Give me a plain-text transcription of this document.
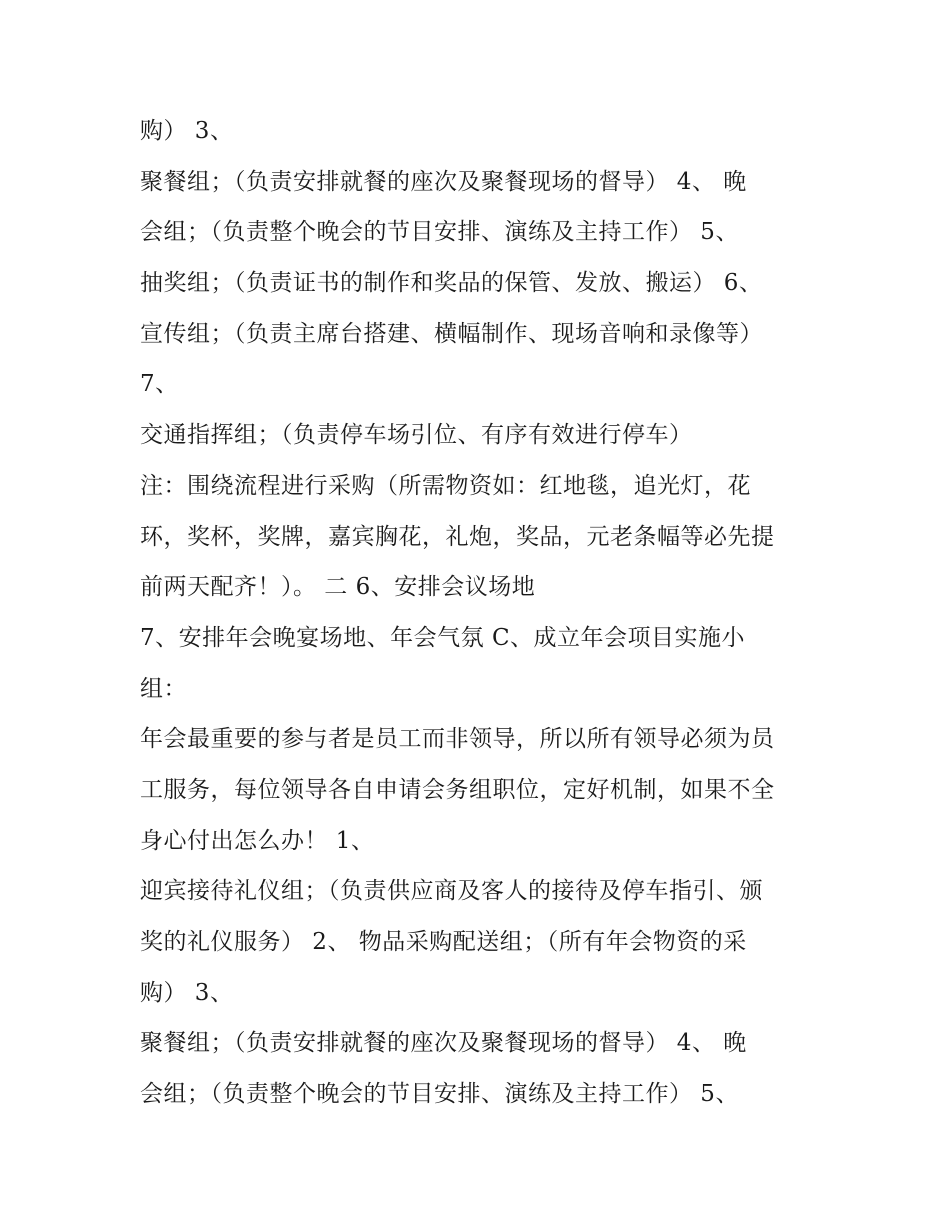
购） 3、
聚餐组；（负责安排就餐的座次及聚餐现场的督导） 4、 晚
会组；（负责整个晚会的节目安排、演练及主持工作） 5、
抽奖组；（负责证书的制作和奖品的保管、发放、搬运） 6、
宣传组；（负责主席台搭建、横幅制作、现场音响和录像等）
7、
交通指挥组；（负责停车场引位、有序有效进行停车）
注：围绕流程进行采购（所需物资如：红地毯，追光灯，花
环，奖杯，奖牌，嘉宾胸花，礼炮，奖品，元老条幅等必先提
前两天配齐！）。 二 6、安排会议场地
7、安排年会晚宴场地、年会气氛 C、成立年会项目实施小
组：
年会最重要的参与者是员工而非领导，所以所有领导必须为员
工服务，每位领导各自申请会务组职位，定好机制，如果不全
身心付出怎么办！ 1、
迎宾接待礼仪组；（负责供应商及客人的接待及停车指引、颁
奖的礼仪服务） 2、 物品采购配送组；（所有年会物资的采
购） 3、
聚餐组；（负责安排就餐的座次及聚餐现场的督导） 4、 晚
会组；（负责整个晚会的节目安排、演练及主持工作） 5、
